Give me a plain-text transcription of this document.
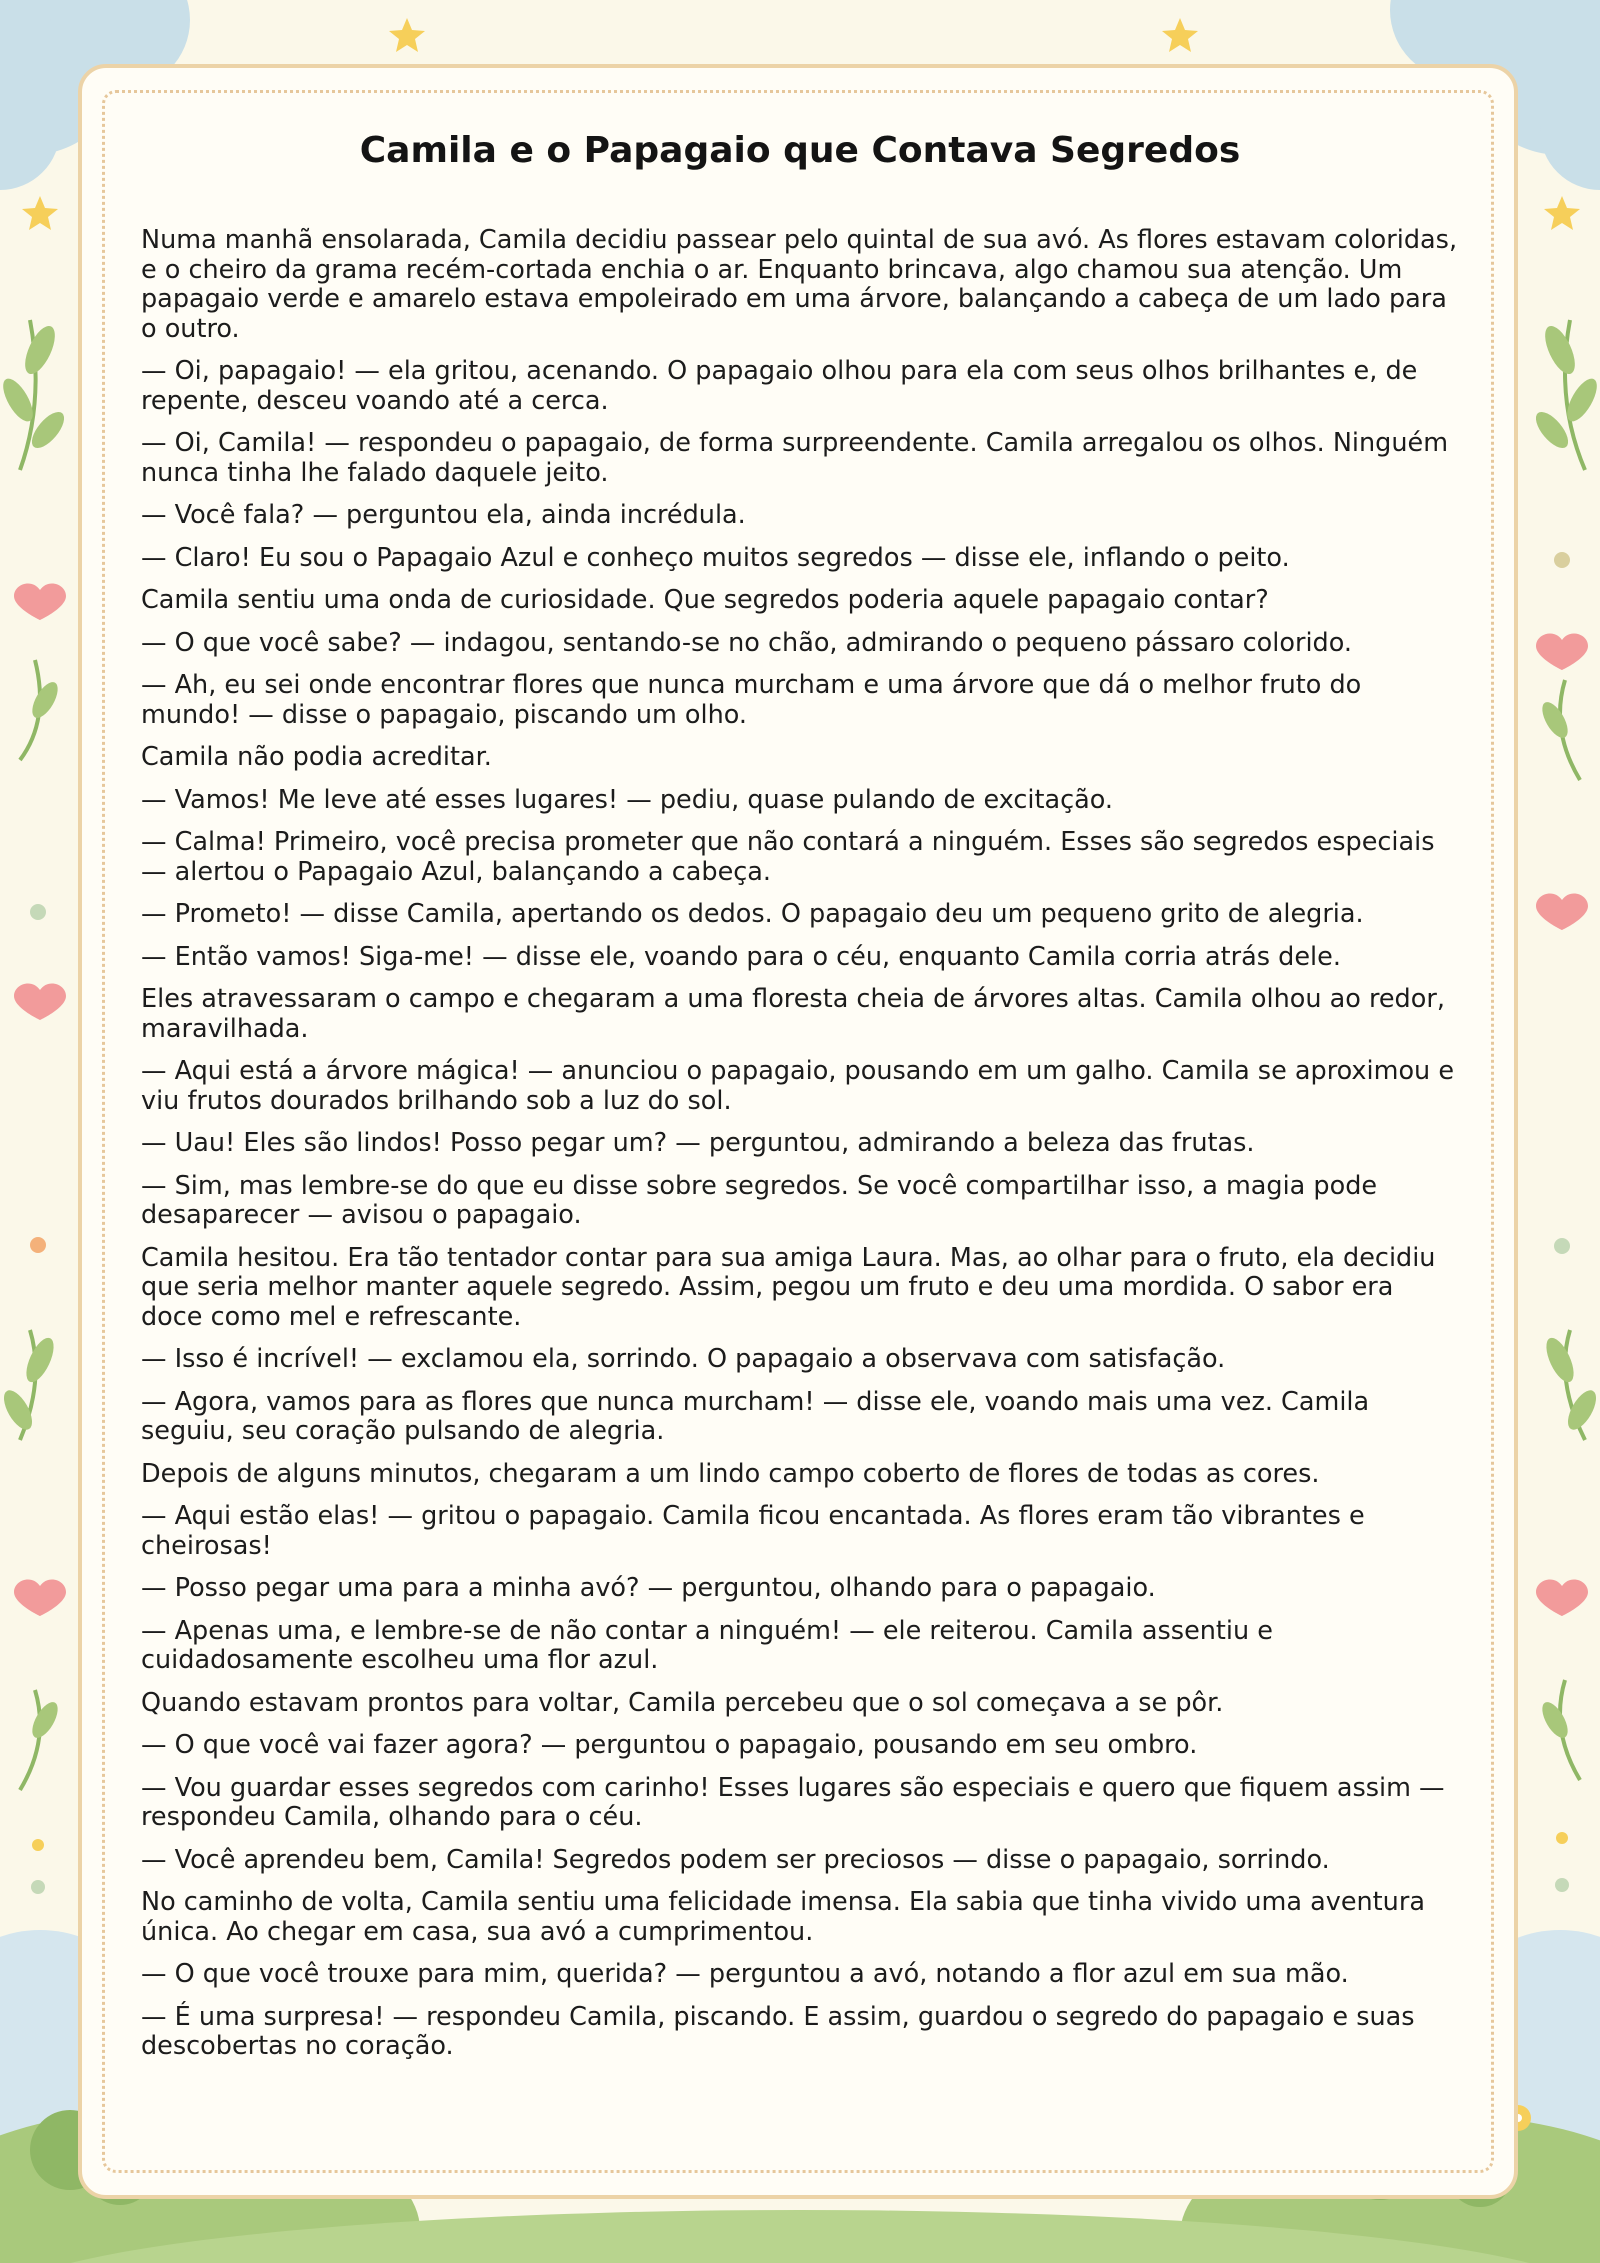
Camila e o Papagaio que Contava Segredos

Numa manhã ensolarada, Camila decidiu passear pelo quintal de sua avó. As flores estavam coloridas, e o cheiro da grama recém-cortada enchia o ar. Enquanto brincava, algo chamou sua atenção. Um papagaio verde e amarelo estava empoleirado em uma árvore, balançando a cabeça de um lado para o outro.

— Oi, papagaio! — ela gritou, acenando. O papagaio olhou para ela com seus olhos brilhantes e, de repente, desceu voando até a cerca.

— Oi, Camila! — respondeu o papagaio, de forma surpreendente. Camila arregalou os olhos. Ninguém nunca tinha lhe falado daquele jeito.

— Você fala? — perguntou ela, ainda incrédula.

— Claro! Eu sou o Papagaio Azul e conheço muitos segredos — disse ele, inflando o peito.

Camila sentiu uma onda de curiosidade. Que segredos poderia aquele papagaio contar?

— O que você sabe? — indagou, sentando-se no chão, admirando o pequeno pássaro colorido.

— Ah, eu sei onde encontrar flores que nunca murcham e uma árvore que dá o melhor fruto do mundo! — disse o papagaio, piscando um olho.

Camila não podia acreditar.

— Vamos! Me leve até esses lugares! — pediu, quase pulando de excitação.

— Calma! Primeiro, você precisa prometer que não contará a ninguém. Esses são segredos especiais — alertou o Papagaio Azul, balançando a cabeça.

— Prometo! — disse Camila, apertando os dedos. O papagaio deu um pequeno grito de alegria.

— Então vamos! Siga-me! — disse ele, voando para o céu, enquanto Camila corria atrás dele.

Eles atravessaram o campo e chegaram a uma floresta cheia de árvores altas. Camila olhou ao redor, maravilhada.

— Aqui está a árvore mágica! — anunciou o papagaio, pousando em um galho. Camila se aproximou e viu frutos dourados brilhando sob a luz do sol.

— Uau! Eles são lindos! Posso pegar um? — perguntou, admirando a beleza das frutas.

— Sim, mas lembre-se do que eu disse sobre segredos. Se você compartilhar isso, a magia pode desaparecer — avisou o papagaio.

Camila hesitou. Era tão tentador contar para sua amiga Laura. Mas, ao olhar para o fruto, ela decidiu que seria melhor manter aquele segredo. Assim, pegou um fruto e deu uma mordida. O sabor era doce como mel e refrescante.

— Isso é incrível! — exclamou ela, sorrindo. O papagaio a observava com satisfação.

— Agora, vamos para as flores que nunca murcham! — disse ele, voando mais uma vez. Camila seguiu, seu coração pulsando de alegria.

Depois de alguns minutos, chegaram a um lindo campo coberto de flores de todas as cores.

— Aqui estão elas! — gritou o papagaio. Camila ficou encantada. As flores eram tão vibrantes e cheirosas!

— Posso pegar uma para a minha avó? — perguntou, olhando para o papagaio.

— Apenas uma, e lembre-se de não contar a ninguém! — ele reiterou. Camila assentiu e cuidadosamente escolheu uma flor azul.

Quando estavam prontos para voltar, Camila percebeu que o sol começava a se pôr.

— O que você vai fazer agora? — perguntou o papagaio, pousando em seu ombro.

— Vou guardar esses segredos com carinho! Esses lugares são especiais e quero que fiquem assim — respondeu Camila, olhando para o céu.

— Você aprendeu bem, Camila! Segredos podem ser preciosos — disse o papagaio, sorrindo.

No caminho de volta, Camila sentiu uma felicidade imensa. Ela sabia que tinha vivido uma aventura única. Ao chegar em casa, sua avó a cumprimentou.

— O que você trouxe para mim, querida? — perguntou a avó, notando a flor azul em sua mão.

— É uma surpresa! — respondeu Camila, piscando. E assim, guardou o segredo do papagaio e suas descobertas no coração.
